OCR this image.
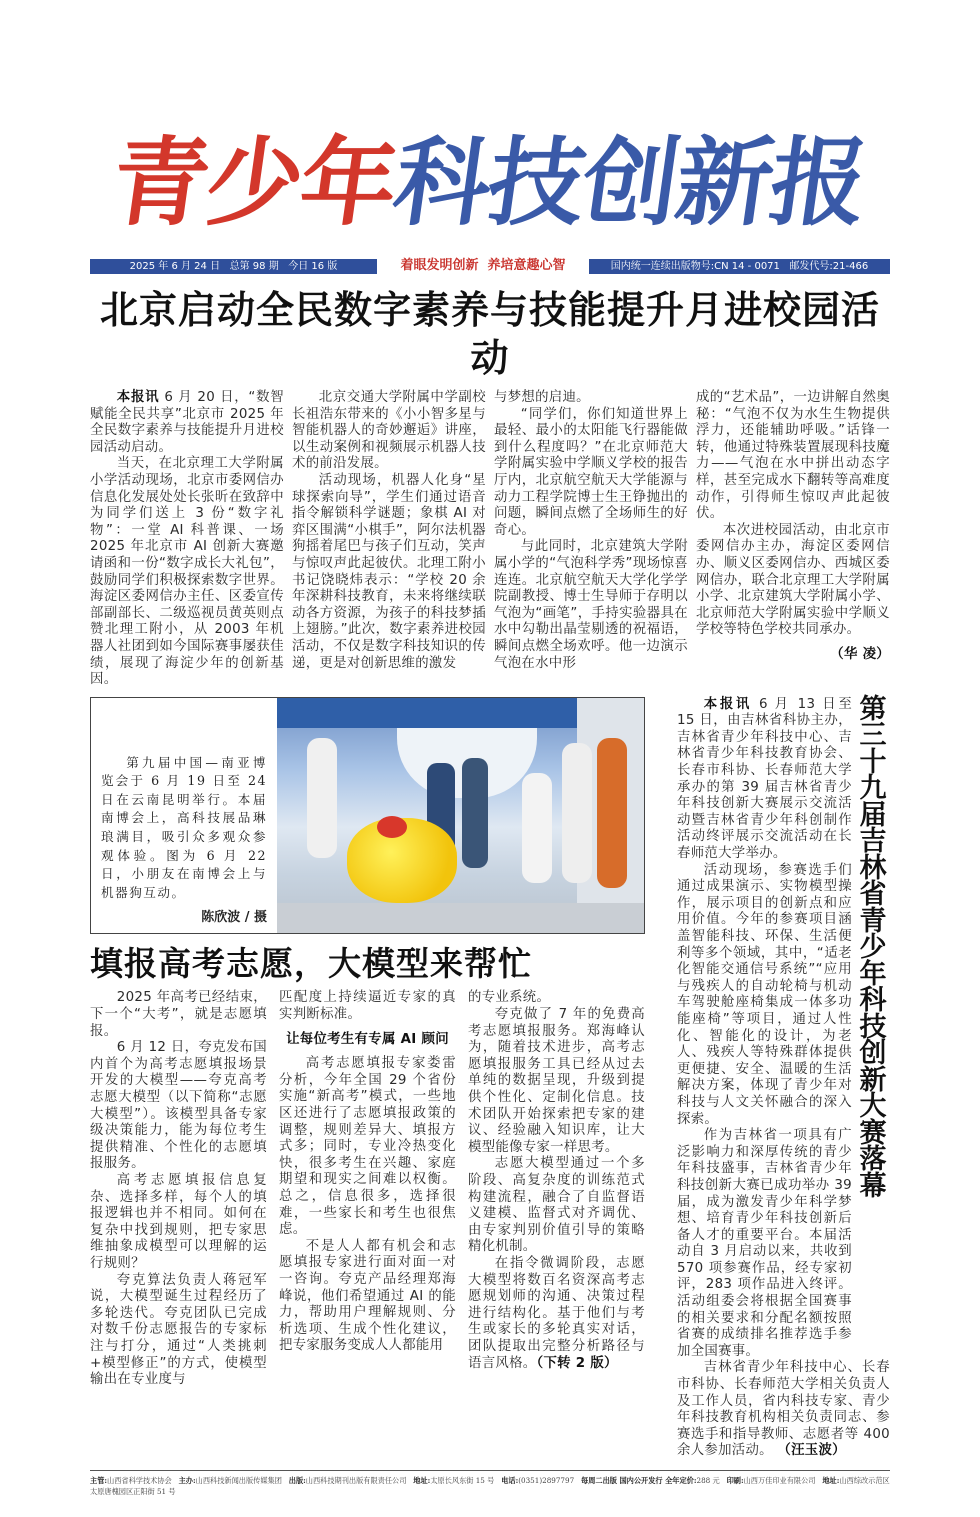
青少年
科技创新报
2025 年 6 月 24 日   总第 98 期   今日 16 版	着眼发明创新  养培意趣心智	国内统一连续出版物号:CN 14 - 0071   邮发代号:21-466
北京启动全民数字素养与技能提升月进校园活动

本报讯 6 月 20 日，“数智赋能全民共享”北京市 2025 年全民数字素养与技能提升月进校园活动启动。

当天，在北京理工大学附属小学活动现场，北京市委网信办信息化发展处处长张昕在致辞中为同学们送上 3 份“数字礼物”：一堂 AI 科普课、一场 2025 年北京市 AI 创新大赛邀请函和一份“数字成长大礼包”，鼓励同学们积极探索数字世界。海淀区委网信办主任、区委宣传部副部长、二级巡视员黄英则点赞北理工附小，从 2003 年机器人社团到如今国际赛事屡获佳绩，展现了海淀少年的创新基因。

北京交通大学附属中学副校长祖浩东带来的《小小智多星与智能机器人的奇妙邂逅》讲座，以生动案例和视频展示机器人技术的前沿发展。

活动现场，机器人化身“星球探索向导”，学生们通过语音指令解锁科学谜题；象棋 AI 对弈区围满“小棋手”，阿尔法机器狗摇着尾巴与孩子们互动，笑声与惊叹声此起彼伏。北理工附小书记饶晓炜表示：“学校 20 余年深耕科技教育，未来将继续联动各方资源，为孩子的科技梦插上翅膀。”此次，数字素养进校园活动，不仅是数字科技知识的传递，更是对创新思维的激发

与梦想的启迪。

“同学们，你们知道世界上最轻、最小的太阳能飞行器能做到什么程度吗？”在北京师范大学附属实验中学顺义学校的报告厅内，北京航空航天大学能源与动力工程学院博士生王铮抛出的问题，瞬间点燃了全场师生的好奇心。

与此同时，北京建筑大学附属小学的“气泡科学秀”现场惊喜连连。北京航空航天大学化学学院副教授、博士生导师于存明以气泡为“画笔”，手持实验器具在水中勾勒出晶莹剔透的祝福语，瞬间点燃全场欢呼。他一边演示气泡在水中形

成的“艺术品”，一边讲解自然奥秘：“气泡不仅为水生生物提供浮力，还能辅助呼吸。”话锋一转，他通过特殊装置展现科技魔力——气泡在水中拼出动态字样，甚至完成水下翻转等高难度动作，引得师生惊叹声此起彼伏。

本次进校园活动，由北京市委网信办主办，海淀区委网信办、顺义区委网信办、西城区委网信办，联合北京理工大学附属小学、北京建筑大学附属小学、北京师范大学附属实验中学顺义学校等特色学校共同承办。

（华 凌）

第九届中国—南亚博览会于 6 月 19 日至 24 日在云南昆明举行。本届南博会上，高科技展品琳琅满目，吸引众多观众参观体验。图为 6 月 22 日，小朋友在南博会上与机器狗互动。

陈欣波 / 摄
填报高考志愿，大模型来帮忙

2025 年高考已经结束，下一个“大考”，就是志愿填报。

6 月 12 日，夸克发布国内首个为高考志愿填报场景开发的大模型——夸克高考志愿大模型（以下简称“志愿大模型”）。该模型具备专家级决策能力，能为每位考生提供精准、个性化的志愿填报服务。

高考志愿填报信息复杂、选择多样，每个人的填报逻辑也并不相同。如何在复杂中找到规则，把专家思维抽象成模型可以理解的运行规则？

夸克算法负责人蒋冠军说，大模型诞生过程经历了多轮迭代。夸克团队已完成对数千份志愿报告的专家标注与打分，通过“人类挑刺+模型修正”的方式，使模型输出在专业度与

匹配度上持续逼近专家的真实判断标准。

让每位考生有专属 AI 顾问

高考志愿填报专家娄雷分析，今年全国 29 个省份实施“新高考”模式，一些地区还进行了志愿填报政策的调整，规则差异大、填报方式多；同时，专业冷热变化快，很多考生在兴趣、家庭期望和现实之间难以权衡。总之，信息很多，选择很难，一些家长和考生也很焦虑。

不是人人都有机会和志愿填报专家进行面对面一对一咨询。夸克产品经理郑海峰说，他们希望通过 AI 的能力，帮助用户理解规则、分析选项、生成个性化建议，把专家服务变成人人都能用

的专业系统。

夸克做了 7 年的免费高考志愿填报服务。郑海峰认为，随着技术进步，高考志愿填报服务工具已经从过去单纯的数据呈现，升级到提供个性化、定制化信息。技术团队开始探索把专家的建议、经验融入知识库，让大模型能像专家一样思考。

志愿大模型通过一个多阶段、高复杂度的训练范式构建流程，融合了自监督语义建模、监督式对齐调优、由专家判别价值引导的策略精化机制。

在指令微调阶段，志愿大模型将数百名资深高考志愿规划师的沟通、决策过程进行结构化。基于他们与考生或家长的多轮真实对话，团队提取出完整分析路径与语言风格。（下转 2 版）

本报讯 6 月 13 日至 15 日，由吉林省科协主办，吉林省青少年科技中心、吉林省青少年科技教育协会、长春市科协、长春师范大学承办的第 39 届吉林省青少年科技创新大赛展示交流活动暨吉林省青少年科创制作活动终评展示交流活动在长春师范大学举办。

活动现场，参赛选手们通过成果演示、实物模型操作，展示项目的创新点和应用价值。今年的参赛项目涵盖智能科技、环保、生活便利等多个领域，其中，“适老化智能交通信号系统”“应用与残疾人的自动轮椅与机动车驾驶舱座椅集成一体多功能座椅”等项目，通过人性化、智能化的设计，为老人、残疾人等特殊群体提供更便捷、安全、温暖的生活解决方案，体现了青少年对科技与人文关怀融合的深入探索。

作为吉林省一项具有广泛影响力和深厚传统的青少年科技盛事，吉林省青少年科技创新大赛已成功举办 39 届，成为激发青少年科学梦想、培育青少年科技创新后备人才的重要平台。本届活动自 3 月启动以来，共收到 570 项参赛作品，经专家初评，283 项作品进入终评。活动组委会将根据全国赛事的相关要求和分配名额按照省赛的成绩排名推荐选手参加全国赛事。

第三十九届吉林省青少年科技创新大赛落幕

吉林省青少年科技中心、长春市科协、长春师范大学相关负责人及工作人员，省内科技专家、青少年科技教育机构相关负责同志、参赛选手和指导教师、志愿者等 400 余人参加活动。 （汪玉波）

主管:山西省科学技术协会 主办:山西科技新闻出版传媒集团 出版:山西科技期刊出版有限责任公司 地址:太原长风东街 15 号 电话:(0351)2897797 每周二出版 国内公开发行 全年定价:288 元 印刷:山西万佳印业有限公司 地址:山西综改示范区太原唐槐园区正阳街 51 号
